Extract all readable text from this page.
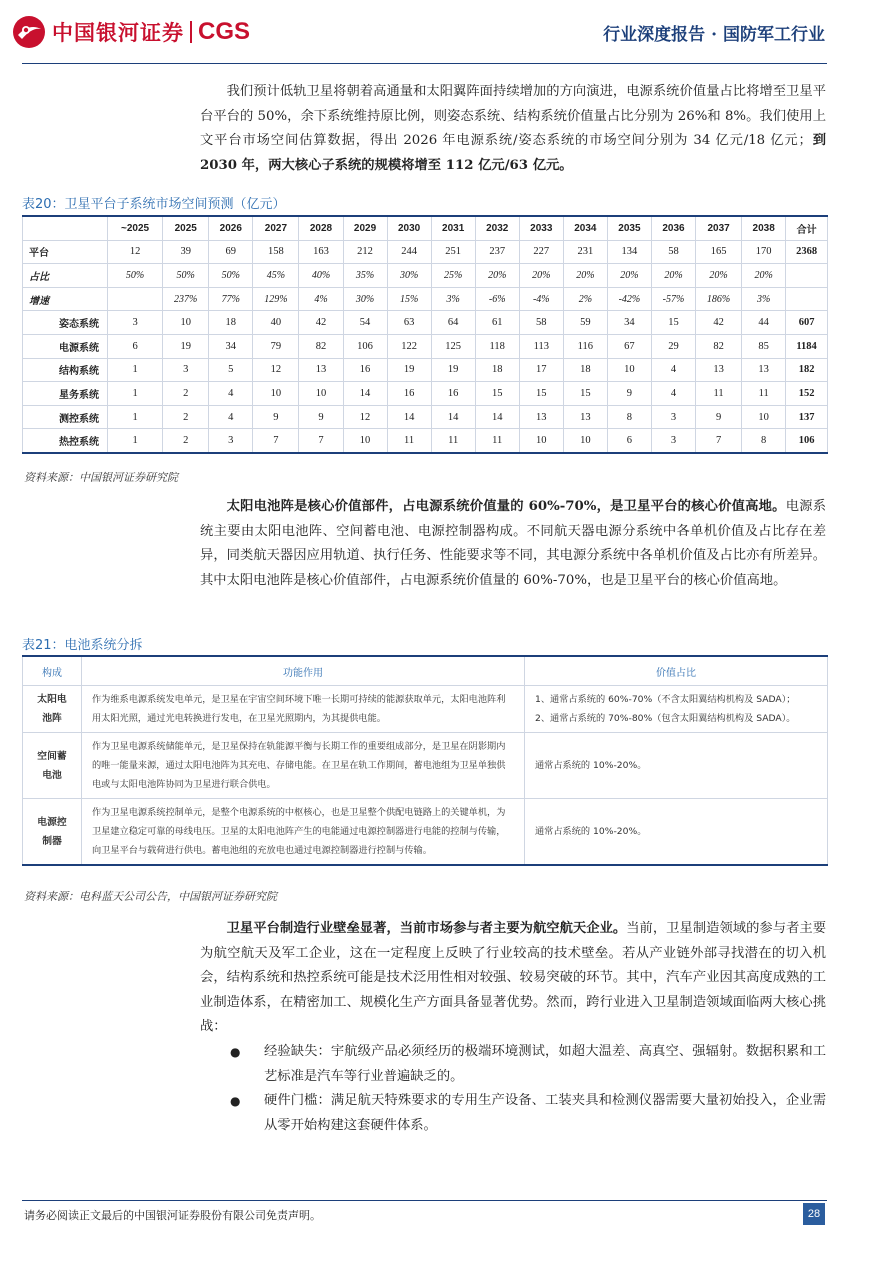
中国银河证券 CGS	行业深度报告 · 国防军工行业
我们预计低轨卫星将朝着高通量和太阳翼阵面持续增加的方向演进，电源系统价值量占比将增至卫星平台平台的 50%，余下系统维持原比例，则姿态系统、结构系统价值量占比分别为 26%和 8%。我们使用上文平台市场空间估算数据，得出 2026 年电源系统/姿态系统的市场空间分别为 34 亿元/18 亿元；到 2030 年，两大核心子系统的规模将增至 112 亿元/63 亿元。
表20：卫星平台子系统市场空间预测（亿元）
	~2025	2025	2026	2027	2028	2029	2030	2031	2032	2033	2034	2035	2036	2037	2038	合计
平台	12	39	69	158	163	212	244	251	237	227	231	134	58	165	170	2368
占比	50%	50%	50%	45%	40%	35%	30%	25%	20%	20%	20%	20%	20%	20%	20%	
增速		237%	77%	129%	4%	30%	15%	3%	-6%	-4%	2%	-42%	-57%	186%	3%	
姿态系统	3	10	18	40	42	54	63	64	61	58	59	34	15	42	44	607
电源系统	6	19	34	79	82	106	122	125	118	113	116	67	29	82	85	1184
结构系统	1	3	5	12	13	16	19	19	18	17	18	10	4	13	13	182
星务系统	1	2	4	10	10	14	16	16	15	15	15	9	4	11	11	152
测控系统	1	2	4	9	9	12	14	14	14	13	13	8	3	9	10	137
热控系统	1	2	3	7	7	10	11	11	11	10	10	6	3	7	8	106
资料来源：中国银河证券研究院
太阳电池阵是核心价值部件，占电源系统价值量的 60%-70%，是卫星平台的核心价值高地。电源系统主要由太阳电池阵、空间蓄电池、电源控制器构成。不同航天器电源分系统中各单机价值及占比存在差异，同类航天器因应用轨道、执行任务、性能要求等不同，其电源分系统中各单机价值及占比亦有所差异。其中太阳电池阵是核心价值部件，占电源系统价值量的 60%-70%，也是卫星平台的核心价值高地。
表21：电池系统分拆
构成	功能作用	价值占比
太阳电
池阵	作为维系电源系统发电单元，是卫星在宇宙空间环境下唯一长期可持续的能源获取单元，太阳电池阵利用太阳光照，通过光电转换进行发电，在卫星光照期内，为其提供电能。	1、通常占系统的 60%-70%（不含太阳翼结构机构及 SADA）；
2、通常占系统的 70%-80%（包含太阳翼结构机构及 SADA）。
空间蓄
电池	作为卫星电源系统储能单元，是卫星保持在轨能源平衡与长期工作的重要组成部分，是卫星在阴影期内的唯一能量来源，通过太阳电池阵为其充电、存储电能。在卫星在轨工作期间，蓄电池组为卫星单独供电或与太阳电池阵协同为卫星进行联合供电。	通常占系统的 10%-20%。
电源控
制器	作为卫星电源系统控制单元，是整个电源系统的中枢核心，也是卫星整个供配电链路上的关键单机，为卫星建立稳定可靠的母线电压。卫星的太阳电池阵产生的电能通过电源控制器进行电能的控制与传输，向卫星平台与载荷进行供电。蓄电池组的充放电也通过电源控制器进行控制与传输。	通常占系统的 10%-20%。
资料来源：电科蓝天公司公告，中国银河证券研究院
卫星平台制造行业壁垒显著，当前市场参与者主要为航空航天企业。当前，卫星制造领域的参与者主要为航空航天及军工企业，这在一定程度上反映了行业较高的技术壁垒。若从产业链外部寻找潜在的切入机会，结构系统和热控系统可能是技术泛用性相对较强、较易突破的环节。其中，汽车产业因其高度成熟的工业制造体系，在精密加工、规模化生产方面具备显著优势。然而，跨行业进入卫星制造领域面临两大核心挑战：
● 经验缺失：宇航级产品必须经历的极端环境测试，如超大温差、高真空、强辐射。数据积累和工艺标准是汽车等行业普遍缺乏的。
● 硬件门槛：满足航天特殊要求的专用生产设备、工装夹具和检测仪器需要大量初始投入，企业需从零开始构建这套硬件体系。
请务必阅读正文最后的中国银河证券股份有限公司免责声明。	28
